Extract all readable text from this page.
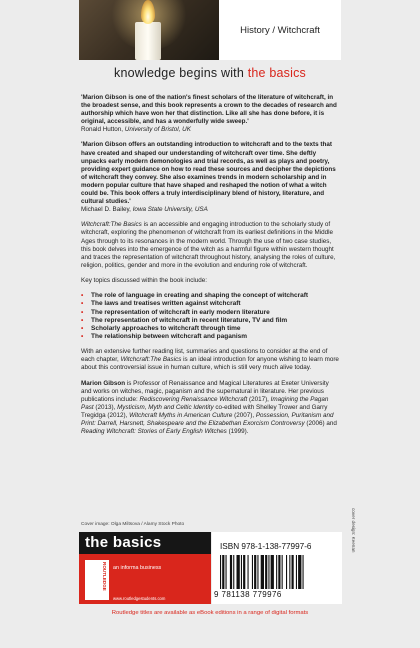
History / Witchcraft
knowledge begins with the basics

'Marion Gibson is one of the nation's finest scholars of the literature of witchcraft, in the broadest sense, and this book represents a crown to the decades of research and authorship which have won her that distinction. Like all she has done before, it is original, accessible, and has a wonderfully wide sweep.'
Ronald Hutton, University of Bristol, UK

'Marion Gibson offers an outstanding introduction to witchcraft and to the texts that have created and shaped our understanding of witchcraft over time. She deftly unpacks early modern demonologies and trial records, as well as plays and poetry, providing expert guidance on how to read these sources and decipher the depictions of witchcraft they convey. She also examines trends in modern scholarship and in modern popular culture that have shaped and reshaped the notion of what a witch could be. This book offers a truly interdisciplinary blend of history, literature, and cultural studies.'
Michael D. Bailey, Iowa State University, USA

Witchcraft:The Basics is an accessible and engaging introduction to the scholarly study of witchcraft, exploring the phenomenon of witchcraft from its earliest definitions in the Middle Ages through to its resonances in the modern world. Through the use of two case studies, this book delves into the emergence of the witch as a harmful figure within western thought and traces the representation of witchcraft throughout history, analysing the roles of culture, religion, politics, gender and more in the evolution and enduring role of witchcraft.

Key topics discussed within the book include:

• The role of language in creating and shaping the concept of witchcraft
• The laws and treatises written against witchcraft
• The representation of witchcraft in early modern literature
• The representation of witchcraft in recent literature, TV and film
• Scholarly approaches to witchcraft through time
• The relationship between witchcraft and paganism

With an extensive further reading list, summaries and questions to consider at the end of each chapter, Witchcraft:The Basics is an ideal introduction for anyone wishing to learn more about this controversial issue in human culture, which is still very much alive today.

Marion Gibson is Professor of Renaissance and Magical Literatures at Exeter University and works on witches, magic, paganism and the supernatural in literature. Her previous publications include: Rediscovering Renaissance Witchcraft (2017), Imagining the Pagan Past (2013), Mysticism, Myth and Celtic Identity co-edited with Shelley Trower and Garry Tregidga (2012), Witchcraft Myths in American Culture (2007), Possession, Puritanism and Print: Darrell, Harsnett, Shakespeare and the Elizabethan Exorcism Controversy (2006) and Reading Witchcraft: Stories of Early English Witches (1999).

Cover image: Olga Miltsova / Alamy Stock Photo	cover design: Keenan
the basics
ROUTLEDGE an informa business
www.routledgestudents.com
ISBN 978-1-138-77997-6
9 781138 779976
Routledge titles are available as eBook editions in a range of digital formats
